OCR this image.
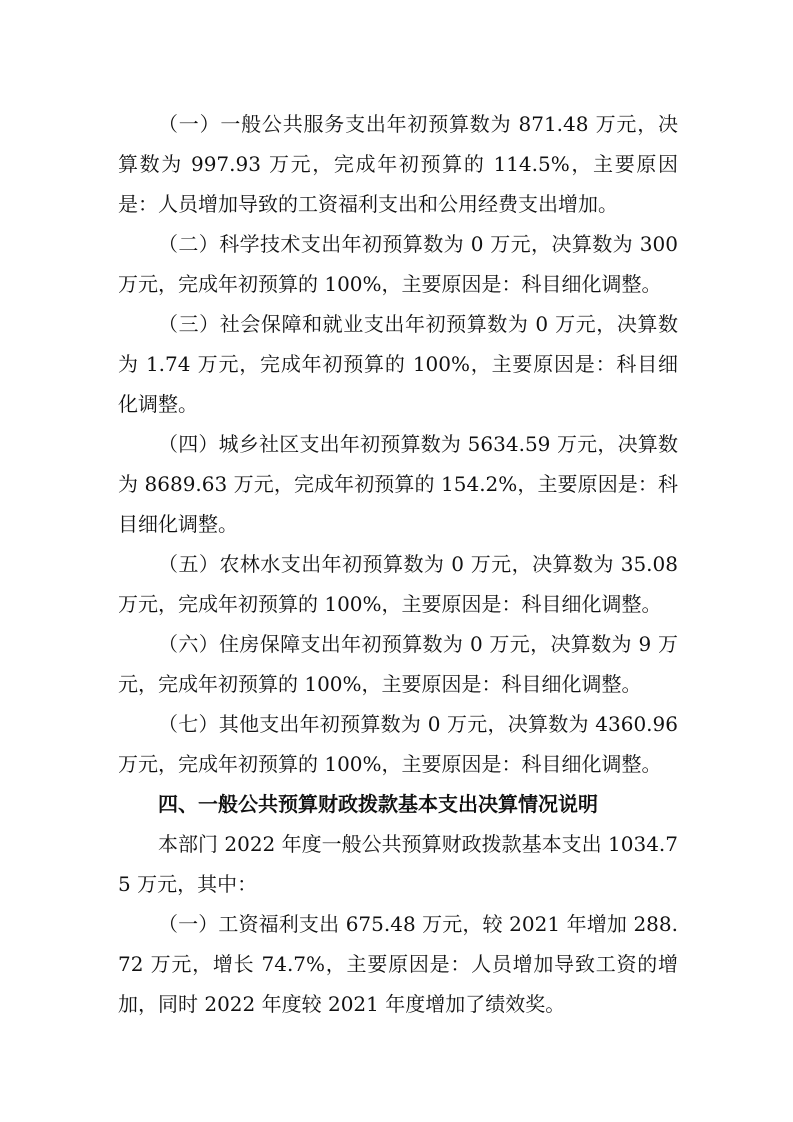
（一）一般公共服务支出年初预算数为 871.48 万元，决算数为 997.93 万元，完成年初预算的 114.5%，主要原因是：人员增加导致的工资福利支出和公用经费支出增加。

（二）科学技术支出年初预算数为 0 万元，决算数为 300 万元，完成年初预算的 100%，主要原因是：科目细化调整。

（三）社会保障和就业支出年初预算数为 0 万元，决算数为 1.74 万元，完成年初预算的 100%，主要原因是：科目细化调整。

（四）城乡社区支出年初预算数为 5634.59 万元，决算数为 8689.63 万元，完成年初预算的 154.2%，主要原因是：科目细化调整。

（五）农林水支出年初预算数为 0 万元，决算数为 35.08 万元，完成年初预算的 100%，主要原因是：科目细化调整。

（六）住房保障支出年初预算数为 0 万元，决算数为 9 万元，完成年初预算的 100%，主要原因是：科目细化调整。

（七）其他支出年初预算数为 0 万元，决算数为 4360.96 万元，完成年初预算的 100%，主要原因是：科目细化调整。

四、一般公共预算财政拨款基本支出决算情况说明

本部门 2022 年度一般公共预算财政拨款基本支出 1034.75 万元，其中：

（一）工资福利支出 675.48 万元，较 2021 年增加 288.72 万元，增长 74.7%，主要原因是：人员增加导致工资的增加，同时 2022 年度较 2021 年度增加了绩效奖。
